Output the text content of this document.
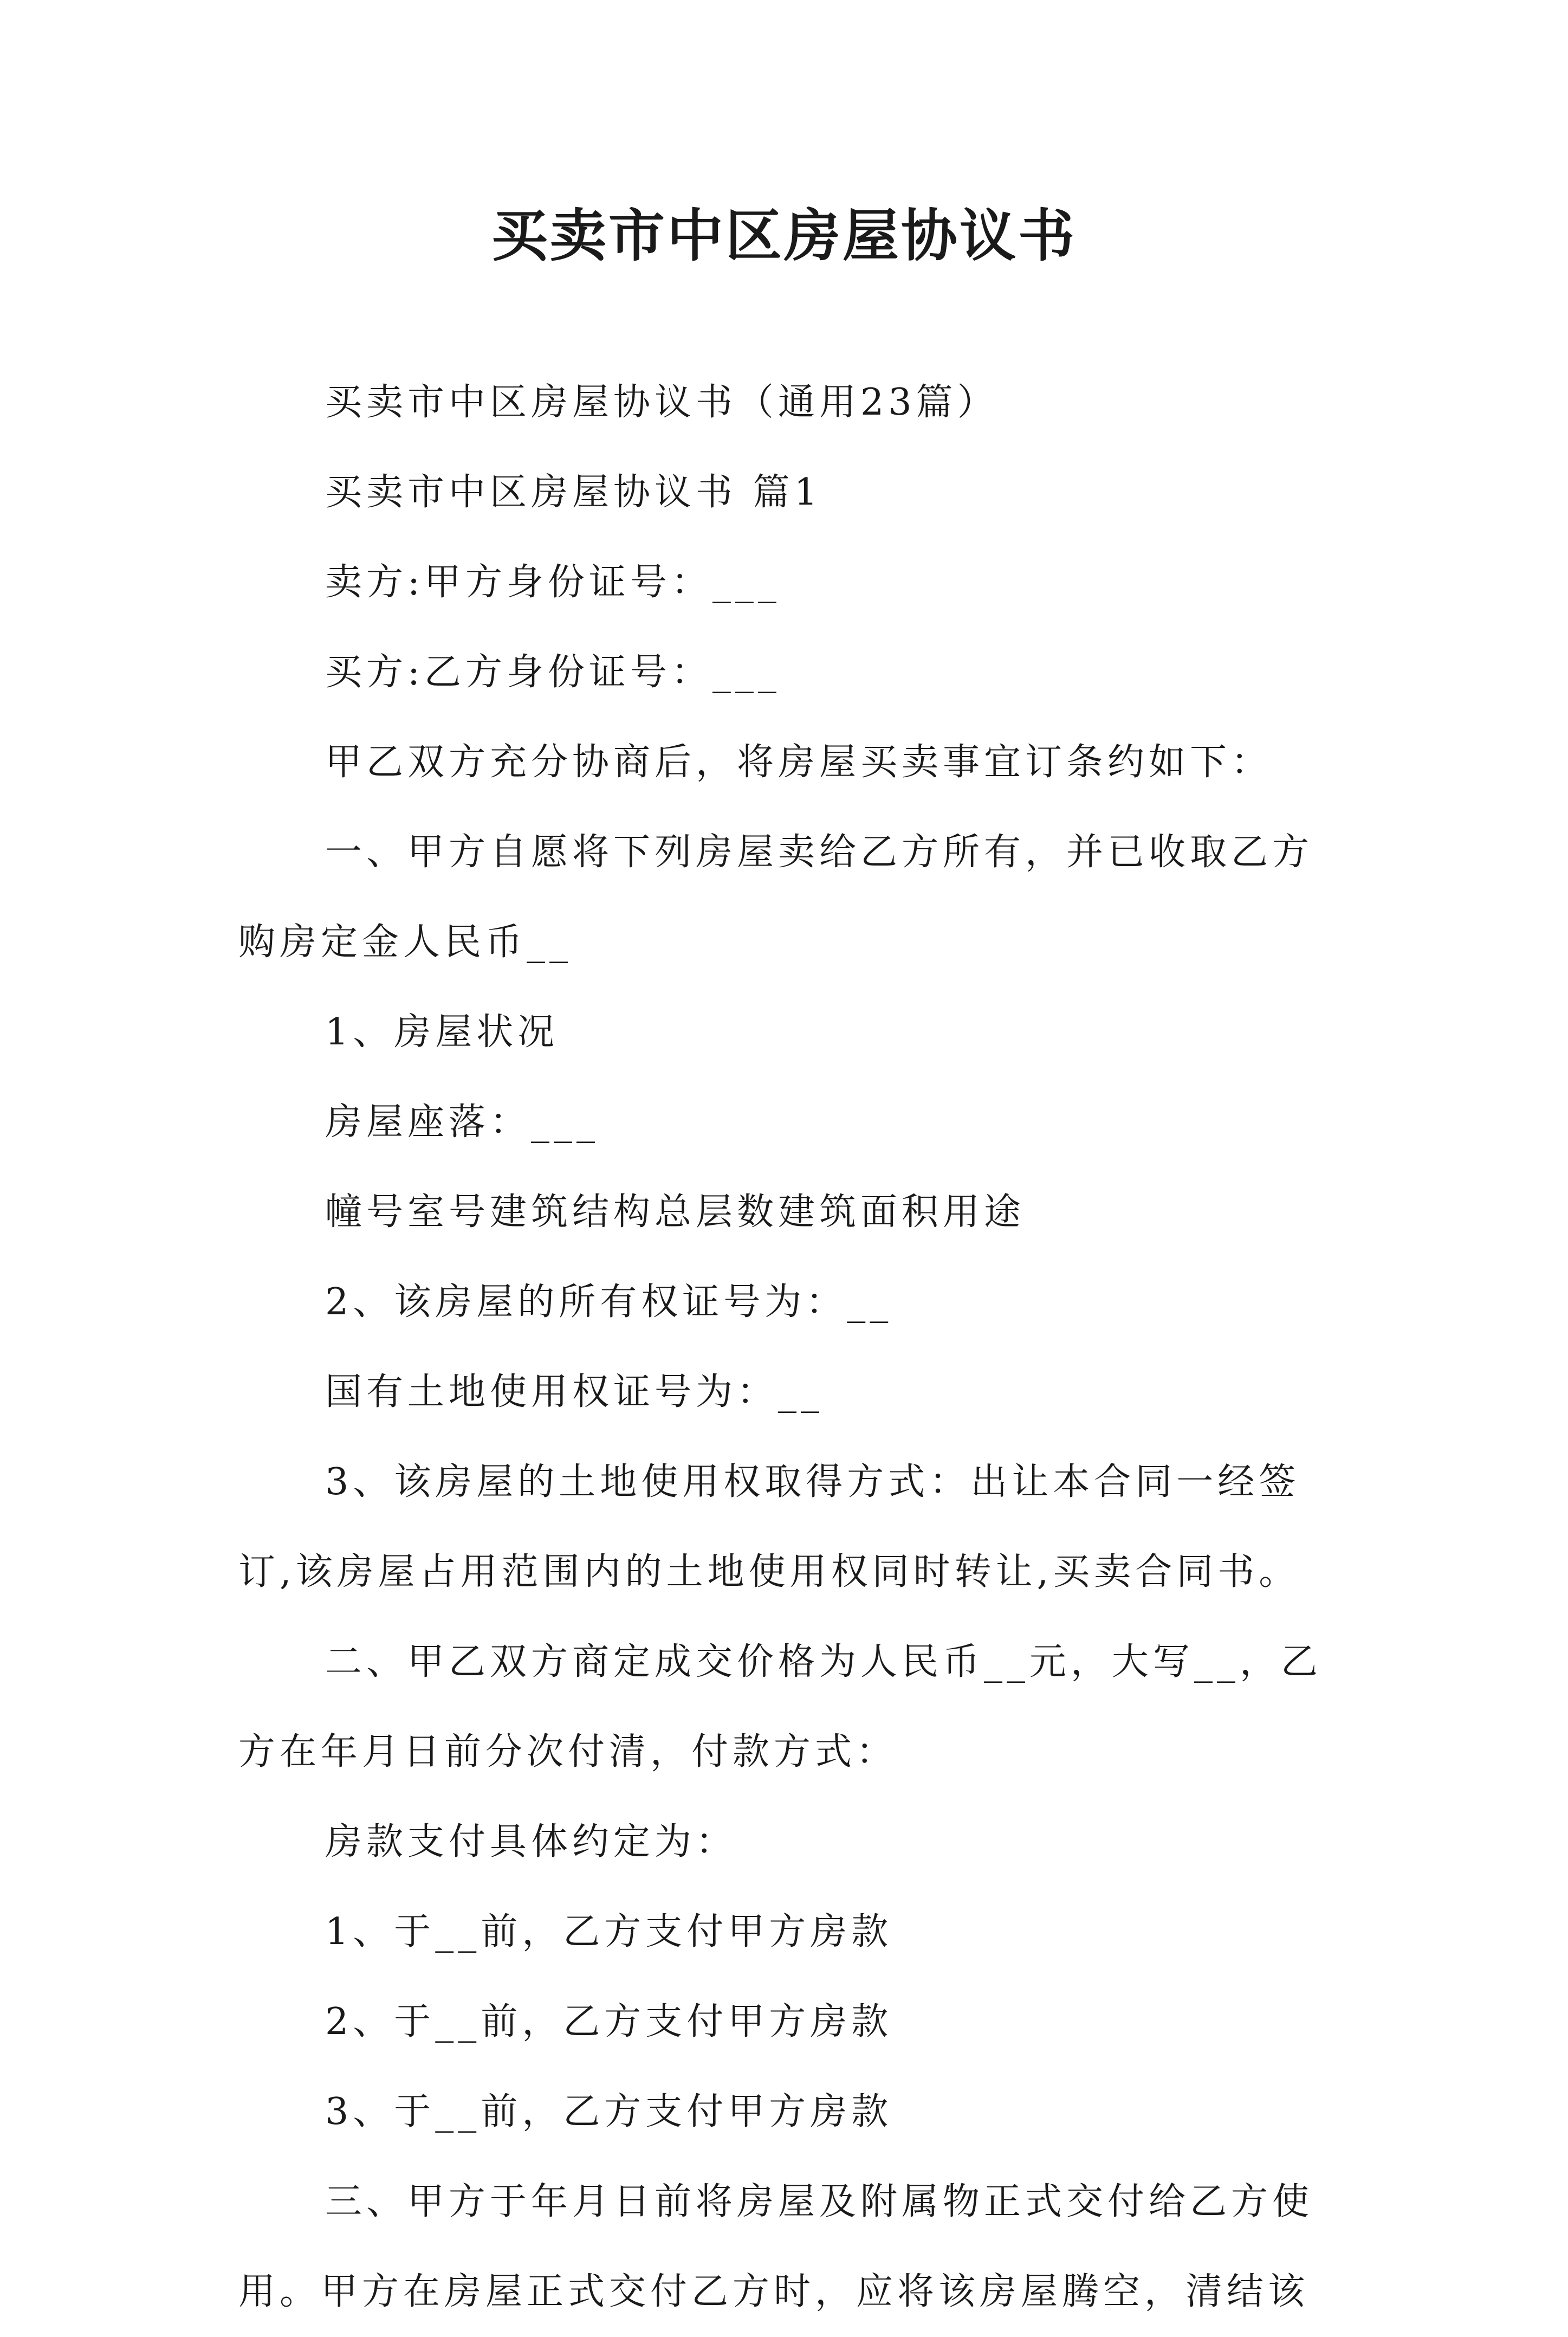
买卖市中区房屋协议书

买卖市中区房屋协议书（通用23篇）

买卖市中区房屋协议书 篇1

卖方:甲方身份证号：___

买方:乙方身份证号：___

甲乙双方充分协商后，将房屋买卖事宜订条约如下：

一、甲方自愿将下列房屋卖给乙方所有，并已收取乙方

购房定金人民币__

1、房屋状况

房屋座落：___

幢号室号建筑结构总层数建筑面积用途

2、该房屋的所有权证号为：__

国有土地使用权证号为：__

3、该房屋的土地使用权取得方式：出让本合同一经签

订,该房屋占用范围内的土地使用权同时转让,买卖合同书。

二、甲乙双方商定成交价格为人民币__元，大写__，乙

方在年月日前分次付清，付款方式：

房款支付具体约定为：

1、于__前，乙方支付甲方房款

2、于__前，乙方支付甲方房款

3、于__前，乙方支付甲方房款

三、甲方于年月日前将房屋及附属物正式交付给乙方使

用。甲方在房屋正式交付乙方时，应将该房屋腾空，清结该
